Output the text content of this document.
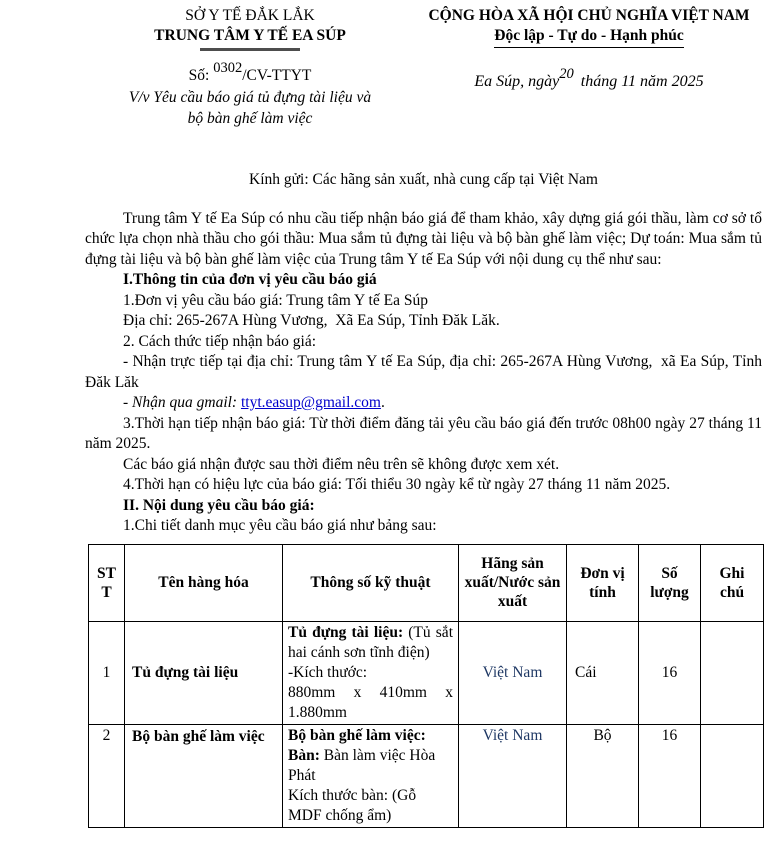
SỞ Y TẾ ĐẮK LẮK
TRUNG TÂM Y TẾ EA SÚP
Số: 0302/CV-TTYT
V/v Yêu cầu báo giá tủ đựng tài liệu và
bộ bàn ghế làm việc
CỘNG HÒA XÃ HỘI CHỦ NGHĨA VIỆT NAM
Độc lập - Tự do - Hạnh phúc
Ea Súp, ngày20 tháng 11 năm 2025
Kính gửi: Các hãng sản xuất, nhà cung cấp tại Việt Nam

Trung tâm Y tế Ea Súp có nhu cầu tiếp nhận báo giá để tham khảo, xây dựng giá gói thầu, làm cơ sở tổ chức lựa chọn nhà thầu cho gói thầu: Mua sắm tủ đựng tài liệu và bộ bàn ghế làm việc; Dự toán: Mua sắm tủ đựng tài liệu và bộ bàn ghế làm việc của Trung tâm Y tế Ea Súp với nội dung cụ thể như sau:

I.Thông tin của đơn vị yêu cầu báo giá

1.Đơn vị yêu cầu báo giá: Trung tâm Y tế Ea Súp

Địa chỉ: 265-267A Hùng Vương,  Xã Ea Súp, Tỉnh Đăk Lăk.

2. Cách thức tiếp nhận báo giá:

- Nhận trực tiếp tại địa chỉ: Trung tâm Y tế Ea Súp, địa chỉ: 265-267A Hùng Vương,  xã Ea Súp, Tỉnh Đăk Lăk

- Nhận qua gmail: ttyt.easup@gmail.com.

3.Thời hạn tiếp nhận báo giá: Từ thời điểm đăng tải yêu cầu báo giá đến trước 08h00 ngày 27 tháng 11 năm 2025.

Các báo giá nhận được sau thời điểm nêu trên sẽ không được xem xét.

4.Thời hạn có hiệu lực của báo giá: Tối thiểu 30 ngày kể từ ngày 27 tháng 11 năm 2025.

II. Nội dung yêu cầu báo giá:

1.Chi tiết danh mục yêu cầu báo giá như bảng sau:

STT	Tên hàng hóa	Thông số kỹ thuật	Hãng sản xuất/Nước sản xuất	Đơn vị tính	Số lượng	Ghi chú
1	Tủ đựng tài liệu	Tủ đựng tài liệu: (Tủ sắt hai cánh sơn tĩnh điện)
-Kích thước:
880mm x 410mm x 1.880mm	Việt Nam	Cái	16	
2	Bộ bàn ghế làm việc	Bộ bàn ghế làm việc:
Bàn: Bàn làm việc Hòa Phát
Kích thước bàn: (Gỗ MDF chống ẩm)	Việt Nam	Bộ	16	
